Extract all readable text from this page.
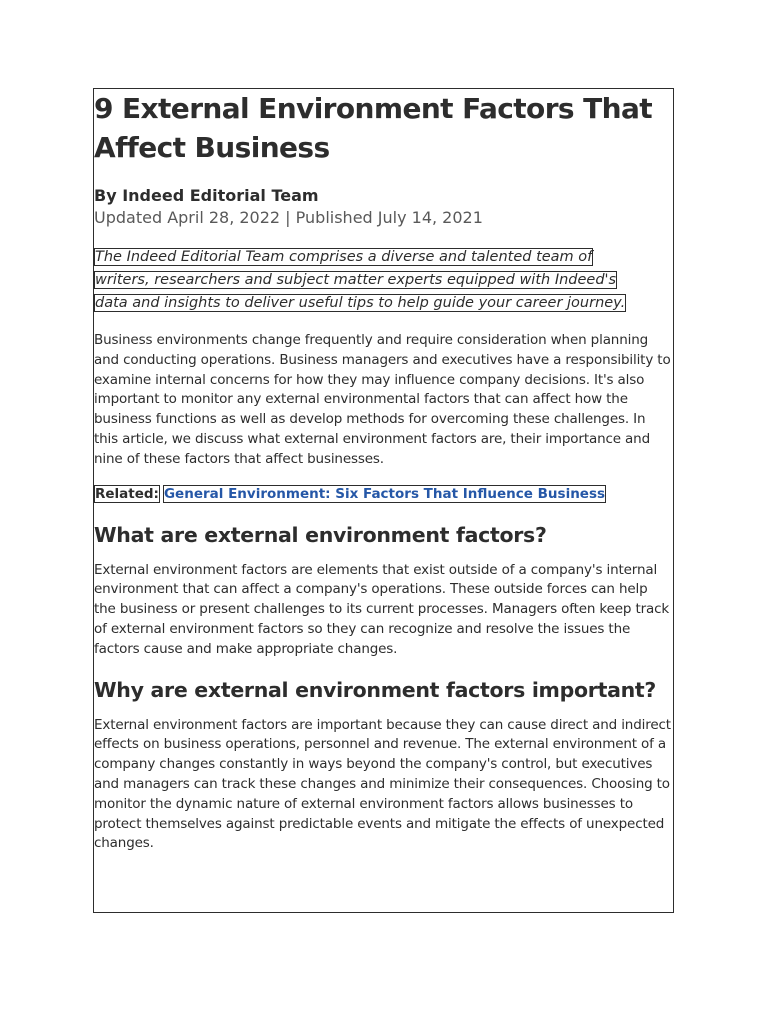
9 External Environment Factors That Affect Business
By Indeed Editorial Team
Updated April 28, 2022 | Published July 14, 2021

The Indeed Editorial Team comprises a diverse and talented team of
writers, researchers and subject matter experts equipped with Indeed's
data and insights to deliver useful tips to help guide your career journey.

Business environments change frequently and require consideration when planning and conducting operations. Business managers and executives have a responsibility to examine internal concerns for how they may influence company decisions. It's also important to monitor any external environmental factors that can affect how the business functions as well as develop methods for overcoming these challenges. In this article, we discuss what external environment factors are, their importance and nine of these factors that affect businesses.

Related: General Environment: Six Factors That Influence Business

What are external environment factors?

External environment factors are elements that exist outside of a company's internal environment that can affect a company's operations. These outside forces can help the business or present challenges to its current processes. Managers often keep track of external environment factors so they can recognize and resolve the issues the factors cause and make appropriate changes.

Why are external environment factors important?

External environment factors are important because they can cause direct and indirect effects on business operations, personnel and revenue. The external environment of a company changes constantly in ways beyond the company's control, but executives and managers can track these changes and minimize their consequences. Choosing to monitor the dynamic nature of external environment factors allows businesses to protect themselves against predictable events and mitigate the effects of unexpected changes.
